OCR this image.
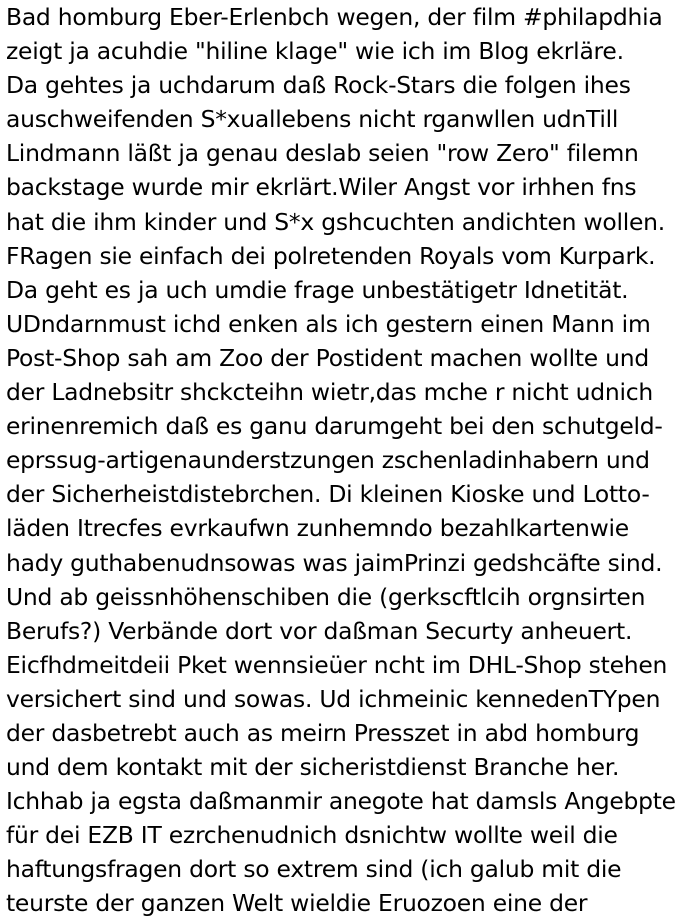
Bad homburg Eber-Erlenbch wegen, der film #philapdhia
zeigt ja acuhdie "hiline klage" wie ich im Blog ekrläre.
Da gehtes ja uchdarum daß Rock-Stars die folgen ihes
auschweifenden S*xuallebens nicht rganwllen udnTill
Lindmann läßt ja genau deslab seien "row Zero" filemn
backstage wurde mir ekrlärt.Wiler Angst vor irhhen fns
hat die ihm kinder und S*x gshcuchten andichten wollen.
FRagen sie einfach dei polretenden Royals vom Kurpark.
Da geht es ja uch umdie frage unbestätigetr Idnetität.
UDndarnmust ichd enken als ich gestern einen Mann im
Post-Shop sah am Zoo der Postident machen wollte und
der Ladnebsitr shckcteihn wietr,das mche r nicht udnich
erinenremich daß es ganu darumgeht bei den schutgeld-
eprssug-artigenaunderstzungen zschenladinhabern und
der Sicherheistdistebrchen. Di kleinen Kioske und Lotto-
läden Itrecfes evrkaufwn zunhemndo bezahlkartenwie
hady guthabenudnsowas was jaimPrinzi gedshcäfte sind.
Und ab geissnhöhenschiben die (gerkscftlcih orgnsirten
Berufs?) Verbände dort vor daßman Securty anheuert.
Eicfhdmeitdeii Pket wennsieüer ncht im DHL-Shop stehen
versichert sind und sowas. Ud ichmeinic kennedenTYpen
der dasbetrebt auch as meirn Presszet in abd homburg
und dem kontakt mit der sicheristdienst Branche her.
Ichhab ja egsta daßmanmir anegote hat damsls Angebpte
für dei EZB IT ezrchenudnich dsnichtw wollte weil die
haftungsfragen dort so extrem sind (ich galub mit die
teurste der ganzen Welt wieldie Eruozoen eine der
